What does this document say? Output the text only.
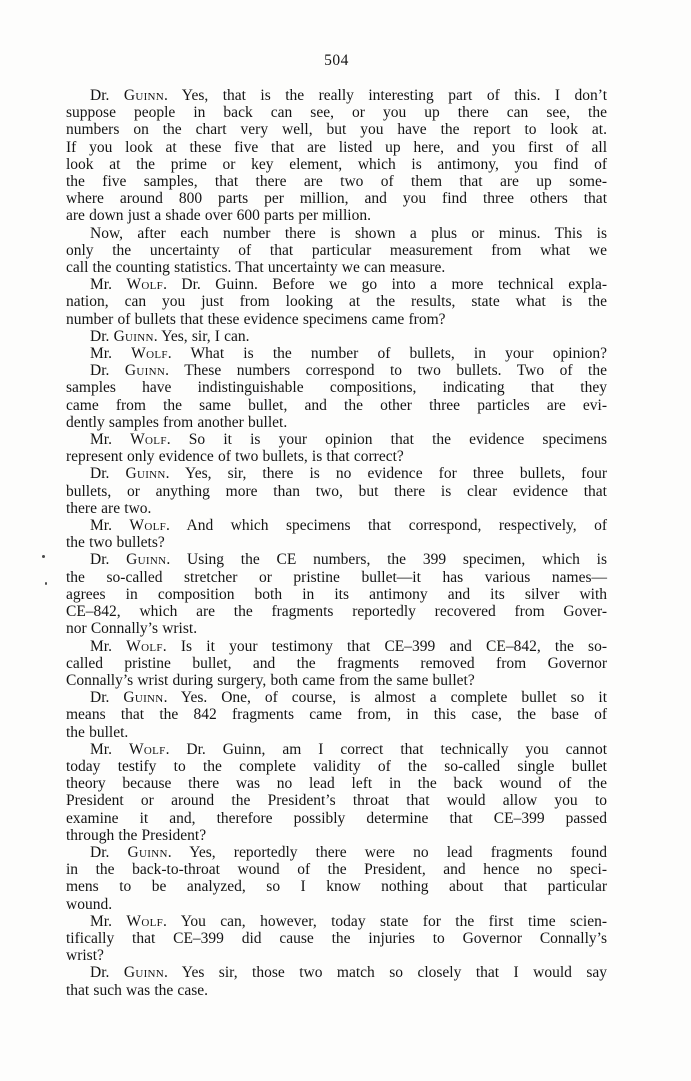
504
Dr. Guinn. Yes, that is the really interesting part of this. I don’t
suppose people in back can see, or you up there can see, the
numbers on the chart very well, but you have the report to look at.
If you look at these five that are listed up here, and you first of all
look at the prime or key element, which is antimony, you find of
the five samples, that there are two of them that are up some-
where around 800 parts per million, and you find three others that
are down just a shade over 600 parts per million.
Now, after each number there is shown a plus or minus. This is
only the uncertainty of that particular measurement from what we
call the counting statistics. That uncertainty we can measure.
Mr. Wolf. Dr. Guinn. Before we go into a more technical expla-
nation, can you just from looking at the results, state what is the
number of bullets that these evidence specimens came from?
Dr. Guinn. Yes, sir, I can.
Mr. Wolf. What is the number of bullets, in your opinion?
Dr. Guinn. These numbers correspond to two bullets. Two of the
samples have indistinguishable compositions, indicating that they
came from the same bullet, and the other three particles are evi-
dently samples from another bullet.
Mr. Wolf. So it is your opinion that the evidence specimens
represent only evidence of two bullets, is that correct?
Dr. Guinn. Yes, sir, there is no evidence for three bullets, four
bullets, or anything more than two, but there is clear evidence that
there are two.
Mr. Wolf. And which specimens that correspond, respectively, of
the two bullets?
Dr. Guinn. Using the CE numbers, the 399 specimen, which is
the so-called stretcher or pristine bullet—it has various names—
agrees in composition both in its antimony and its silver with
CE–842, which are the fragments reportedly recovered from Gover-
nor Connally’s wrist.
Mr. Wolf. Is it your testimony that CE–399 and CE–842, the so-
called pristine bullet, and the fragments removed from Governor
Connally’s wrist during surgery, both came from the same bullet?
Dr. Guinn. Yes. One, of course, is almost a complete bullet so it
means that the 842 fragments came from, in this case, the base of
the bullet.
Mr. Wolf. Dr. Guinn, am I correct that technically you cannot
today testify to the complete validity of the so-called single bullet
theory because there was no lead left in the back wound of the
President or around the President’s throat that would allow you to
examine it and, therefore possibly determine that CE–399 passed
through the President?
Dr. Guinn. Yes, reportedly there were no lead fragments found
in the back-to-throat wound of the President, and hence no speci-
mens to be analyzed, so I know nothing about that particular
wound.
Mr. Wolf. You can, however, today state for the first time scien-
tifically that CE–399 did cause the injuries to Governor Connally’s
wrist?
Dr. Guinn. Yes sir, those two match so closely that I would say
that such was the case.
